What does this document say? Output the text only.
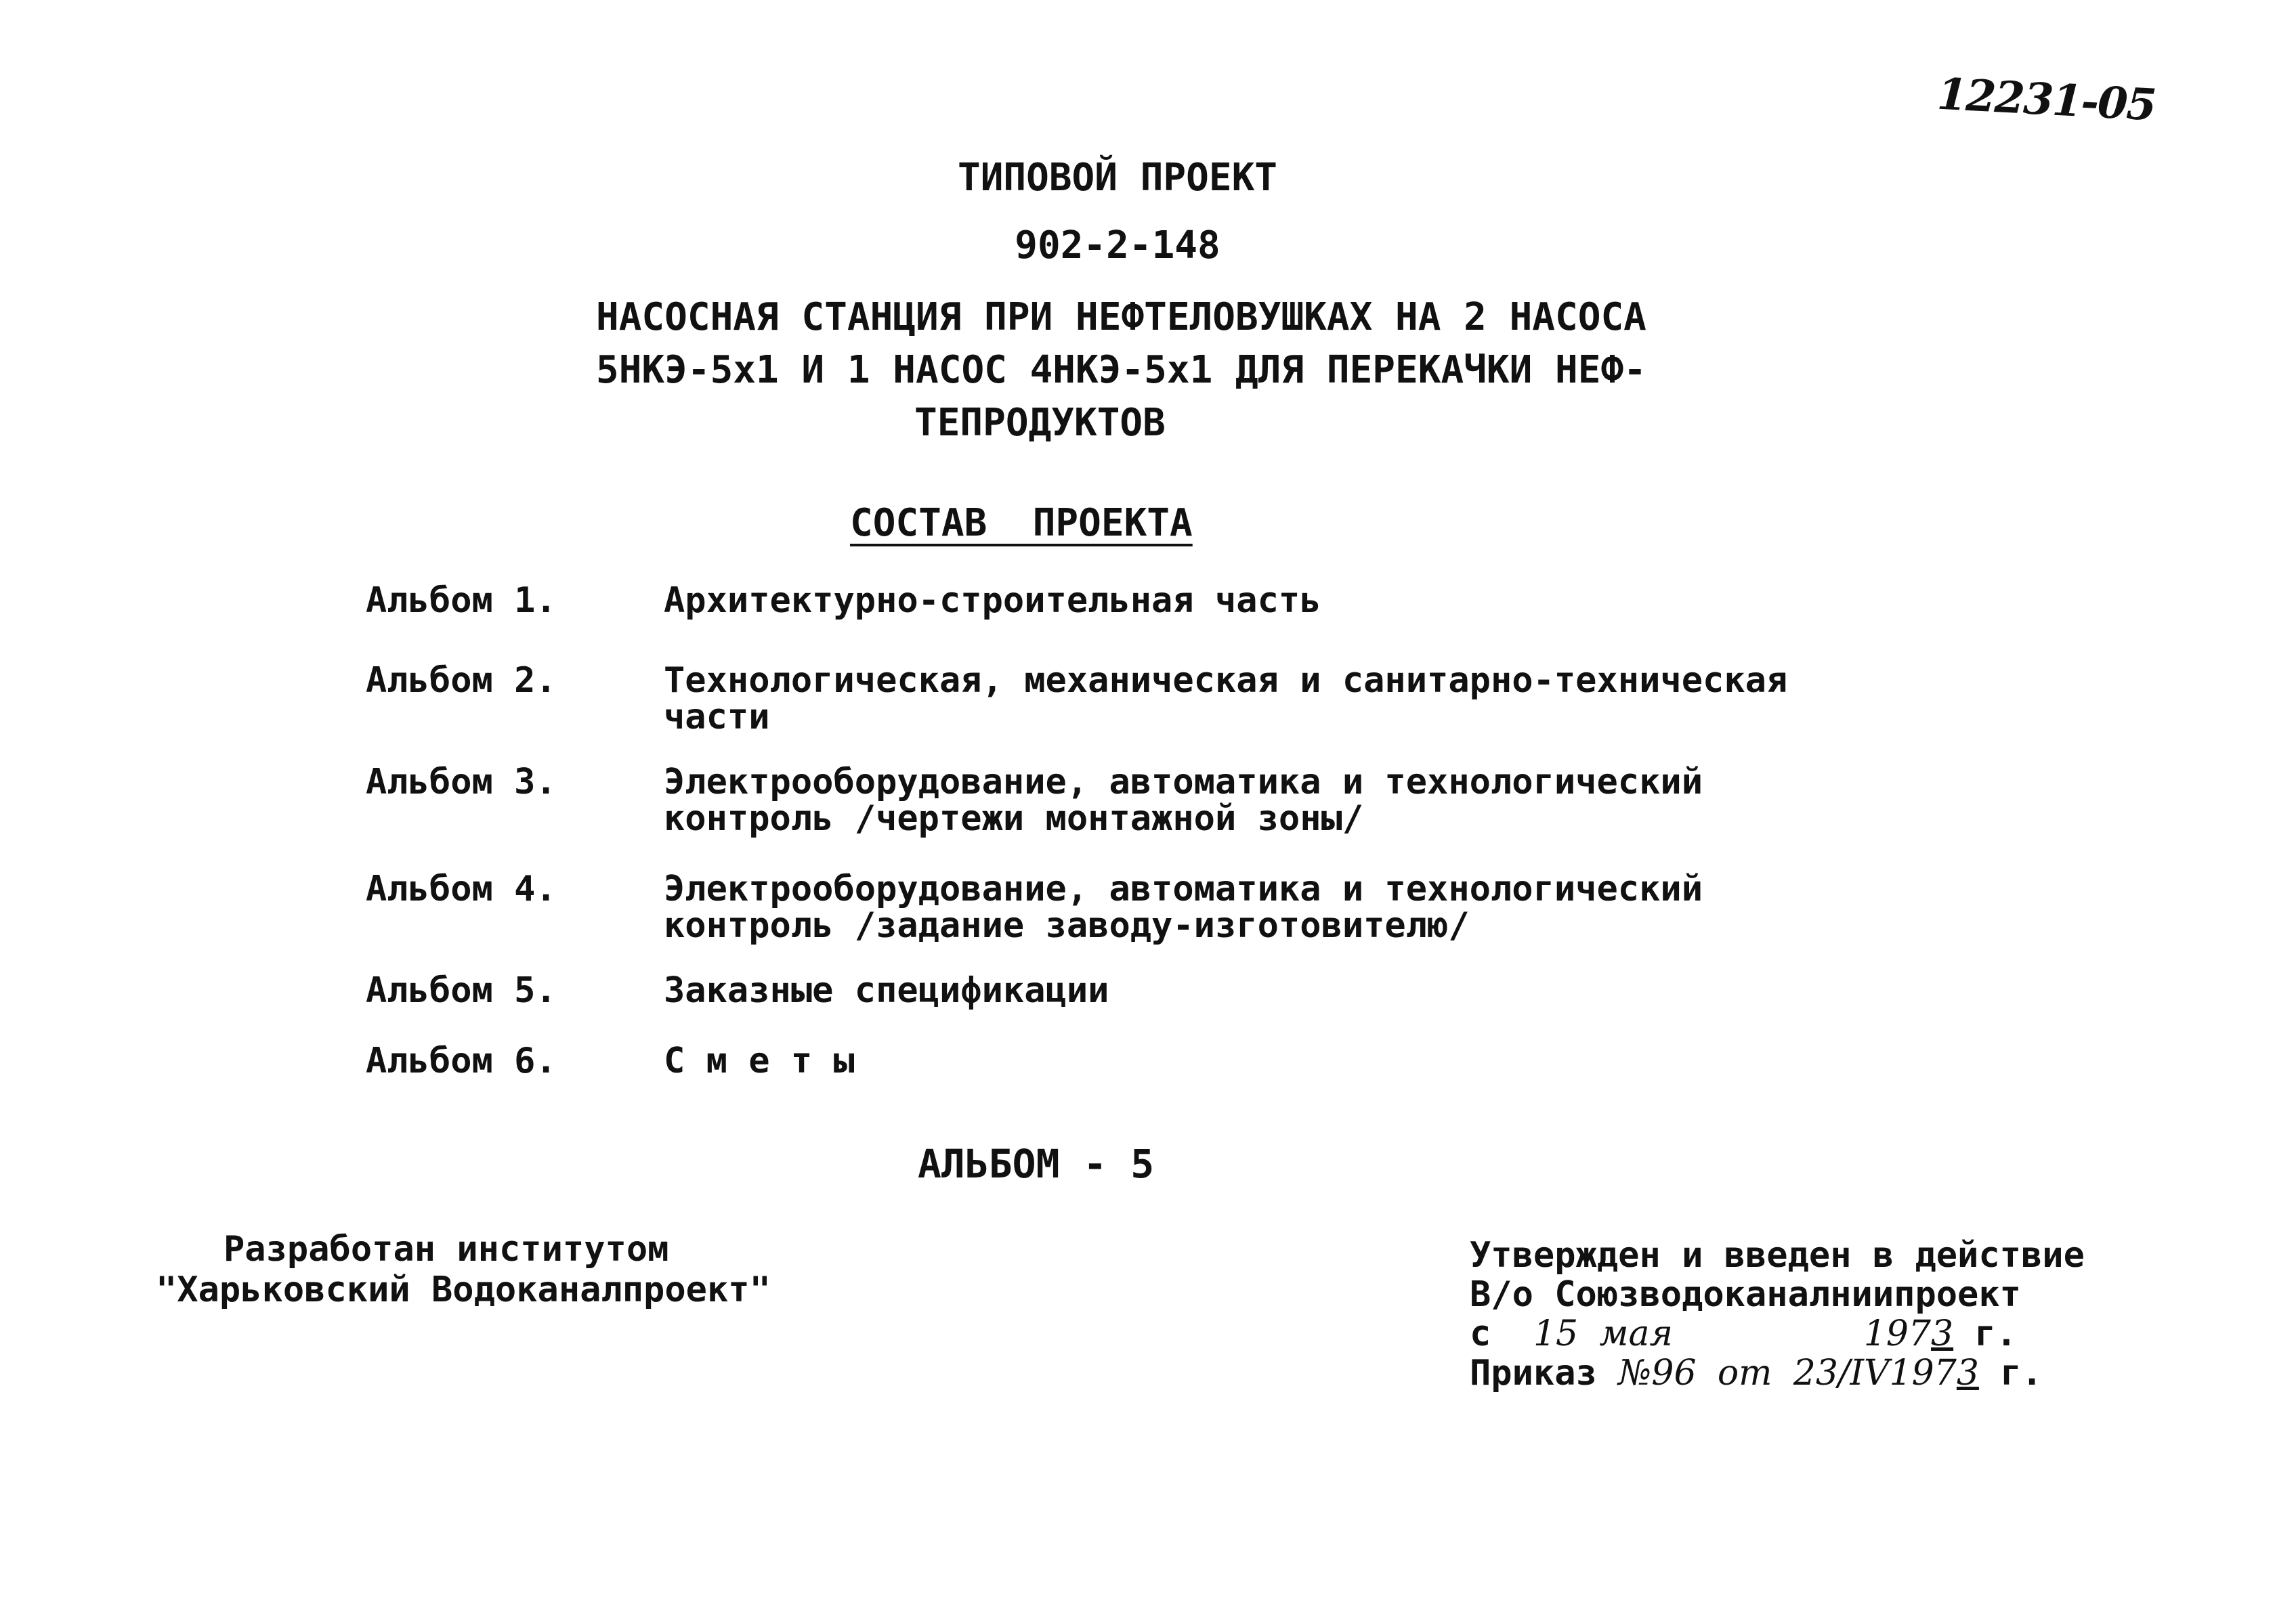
12231-05
ТИПОВОЙ ПРОЕКТ
902-2-148
НАСОСНАЯ СТАНЦИЯ ПРИ НЕФТЕЛОВУШКАХ НА 2 НАСОСА
5НКЭ-5х1 И 1 НАСОС 4НКЭ-5х1 ДЛЯ ПЕРЕКАЧКИ НЕФ-
ТЕПРОДУКТОВ
СОСТАВ  ПРОЕКТА
Альбом 1.	Архитектурно-строительная часть
Альбом 2.	Технологическая, механическая и санитарно-техническая части
Альбом 3.	Электрооборудование, автоматика и технологический контроль /чертежи монтажной зоны/
Альбом 4.	Электрооборудование, автоматика и технологический контроль /задание заводу-изготовителю/
Альбом 5.	Заказные спецификации
Альбом 6.	С м е т ы
АЛЬБОМ - 5
Разработан институтом
"Харьковский Водоканалпроект"
Утвержден и введен в действие
В/о Союзводоканалниипроект
с 15 мая	1973 г.
Приказ №96 от 23/IV1973 г.
